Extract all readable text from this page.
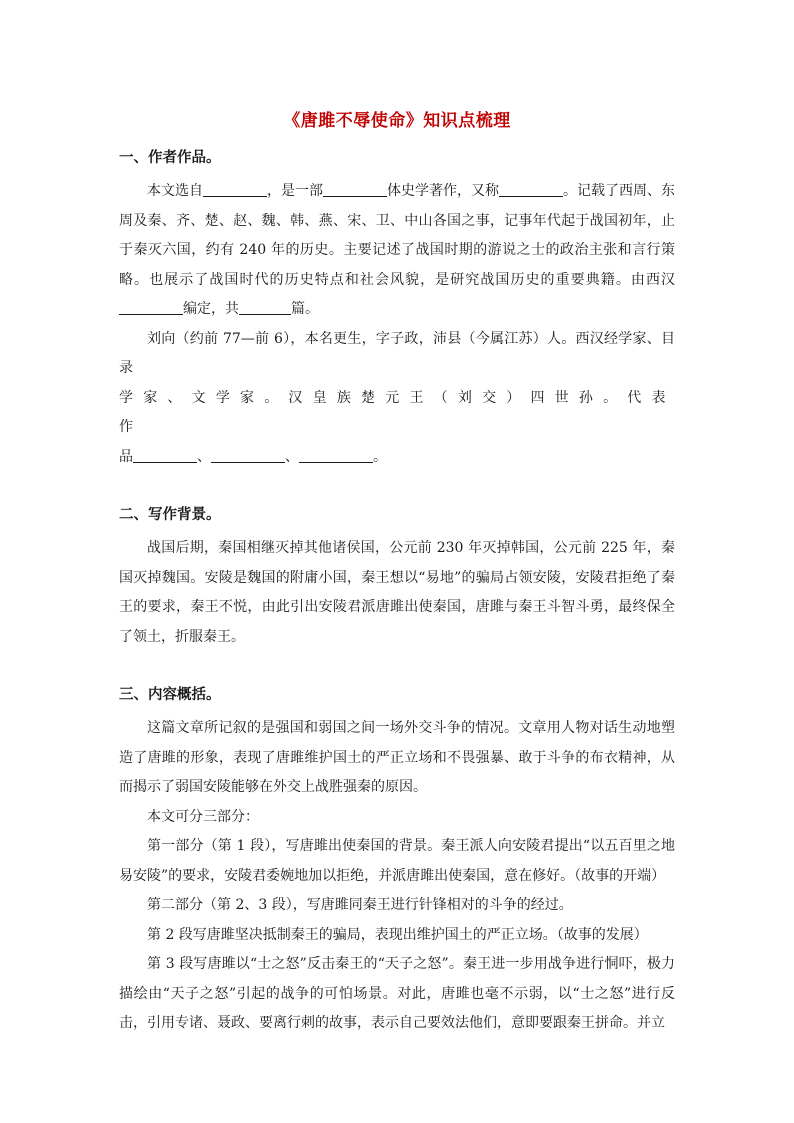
《唐雎不辱使命》知识点梳理
一、作者作品。

本文选自	，是一部	体史学著作，又称	。记载了西周、东周及秦、齐、楚、赵、魏、韩、燕、宋、卫、中山各国之事，记事年代起于战国初年，止于秦灭六国，约有 240 年的历史。主要记述了战国时期的游说之士的政治主张和言行策略。也展示了战国时代的历史特点和社会风貌，是研究战国历史的重要典籍。由西汉编定，共	篇。

刘向（约前 77—前 6），本名更生，字子政，沛县（今属江苏）人。西汉经学家、目录

学家、文学家。汉皇族楚元王（刘交）四世孙。代表作

品	、	、	。

二、写作背景。

战国后期，秦国相继灭掉其他诸侯国，公元前 230 年灭掉韩国，公元前 225 年，秦国灭掉魏国。安陵是魏国的附庸小国，秦王想以“易地”的骗局占领安陵，安陵君拒绝了秦王的要求，秦王不悦，由此引出安陵君派唐雎出使秦国，唐雎与秦王斗智斗勇，最终保全了领土，折服秦王。

三、内容概括。

这篇文章所记叙的是强国和弱国之间一场外交斗争的情况。文章用人物对话生动地塑造了唐雎的形象，表现了唐雎维护国土的严正立场和不畏强暴、敢于斗争的布衣精神，从而揭示了弱国安陵能够在外交上战胜强秦的原因。

本文可分三部分：

第一部分（第 1 段），写唐雎出使秦国的背景。秦王派人向安陵君提出“以五百里之地易安陵”的要求，安陵君委婉地加以拒绝，并派唐雎出使秦国，意在修好。（故事的开端）

第二部分（第 2、3 段），写唐雎同秦王进行针锋相对的斗争的经过。

第 2 段写唐雎坚决抵制秦王的骗局，表现出维护国土的严正立场。（故事的发展）

第 3 段写唐雎以“士之怒”反击秦王的“天子之怒”。秦王进一步用战争进行恫吓，极力描绘由“天子之怒”引起的战争的可怕场景。对此，唐雎也毫不示弱，以“士之怒”进行反击，引用专诸、聂政、要离行刺的故事，表示自己要效法他们，意即要跟秦王拼命。并立
